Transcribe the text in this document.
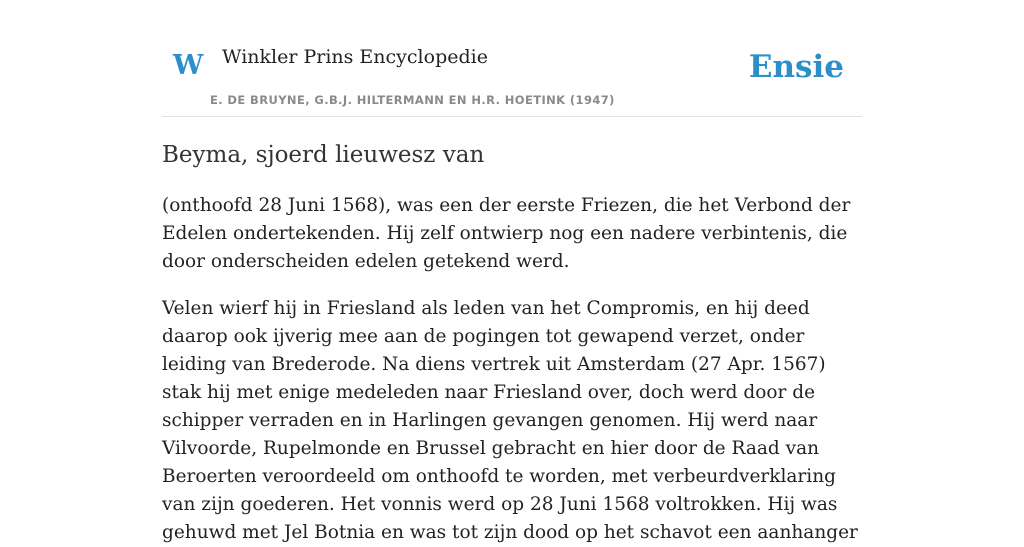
W Winkler Prins Encyclopedie
E. DE BRUYNE, G.B.J. HILTERMANN EN H.R. HOETINK (1947)
Ensie
Beyma, sjoerd lieuwesz van

(onthoofd 28 Juni 1568), was een der eerste Friezen, die het Verbond der Edelen ondertekenden. Hij zelf ontwierp nog een nadere verbintenis, die door onderscheiden edelen getekend werd.

Velen wierf hij in Friesland als leden van het Compromis, en hij deed daarop ook ijverig mee aan de pogingen tot gewapend verzet, onder leiding van Brederode. Na diens vertrek uit Amsterdam (27 Apr. 1567) stak hij met enige medeleden naar Friesland over, doch werd door de schipper verraden en in Harlingen gevangen genomen. Hij werd naar Vilvoorde, Rupelmonde en Brussel gebracht en hier door de Raad van Beroerten veroordeeld om onthoofd te worden, met verbeurdverklaring van zijn goederen. Het vonnis werd op 28 Juni 1568 voltrokken. Hij was gehuwd met Jel Botnia en was tot zijn dood op het schavot een aanhanger
